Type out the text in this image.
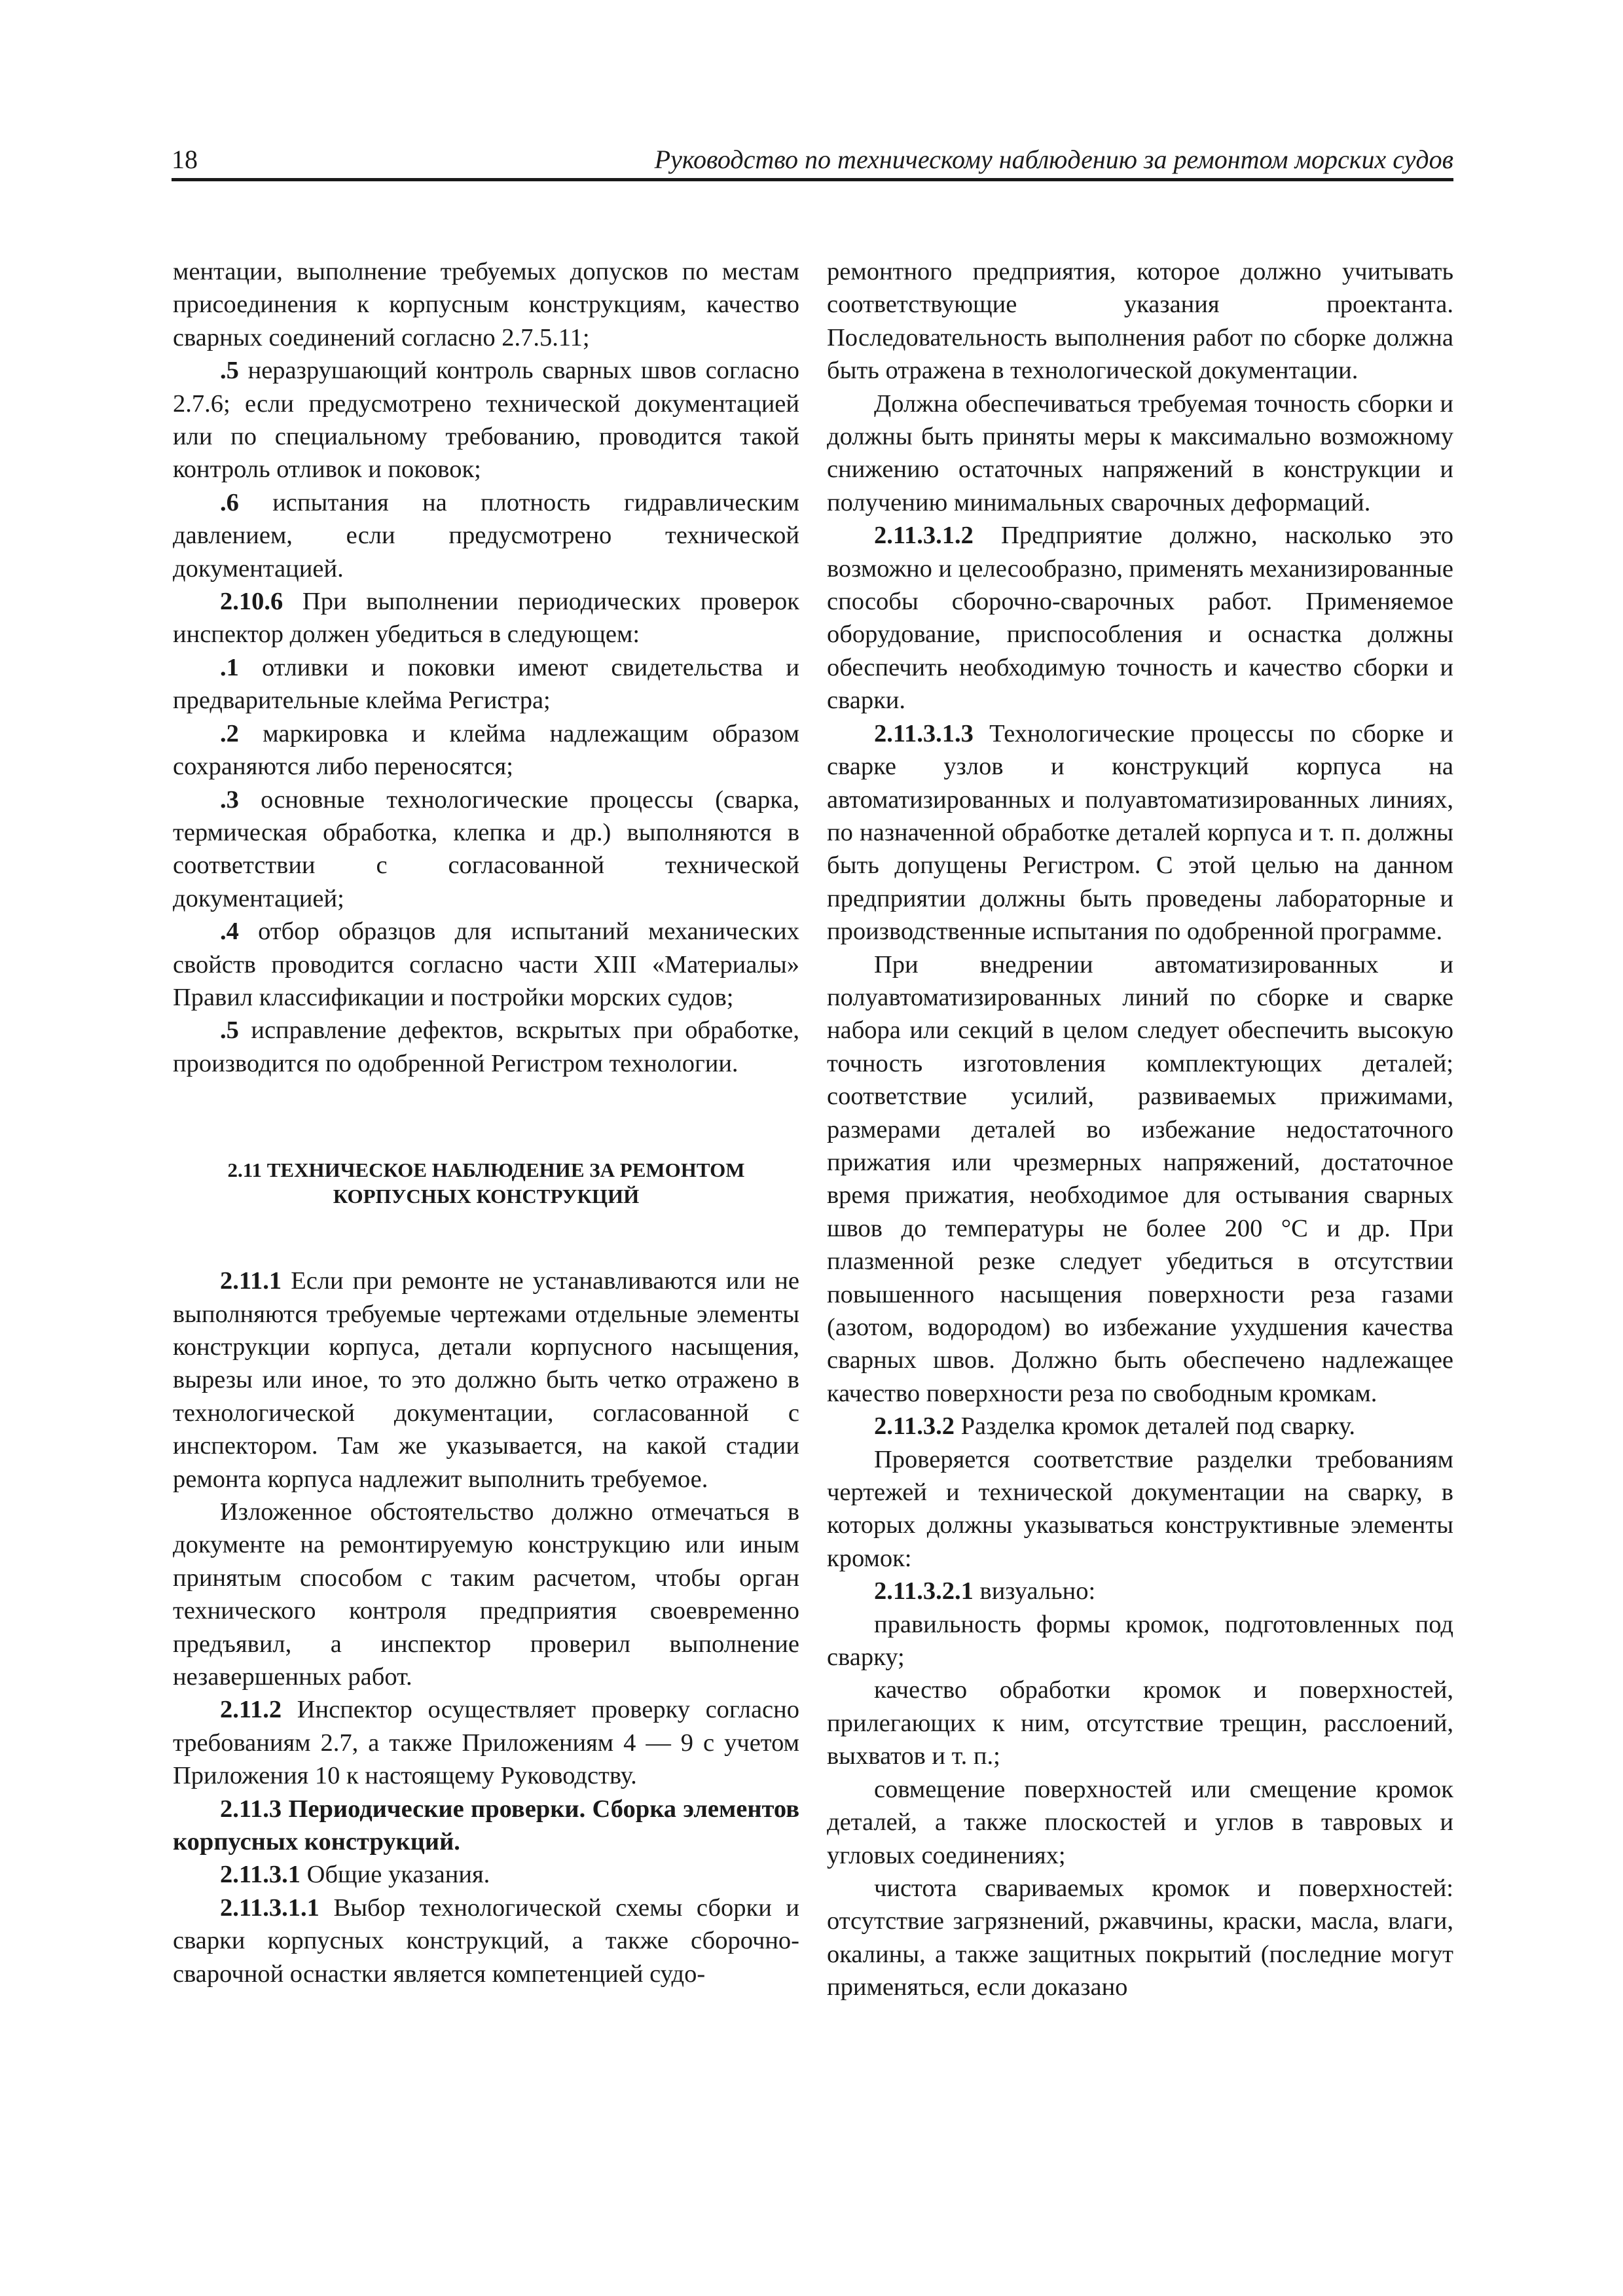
18	Руководство по техническому наблюдению за ремонтом морских судов

ментации, выполнение требуемых допусков по местам присоединения к корпусным конструкциям, качество сварных соединений согласно 2.7.5.11;

.5 неразрушающий контроль сварных швов согласно 2.7.6; если предусмотрено технической документацией или по специальному требованию, проводится такой контроль отливок и поковок;

.6 испытания на плотность гидравлическим давлением, если предусмотрено технической документацией.

2.10.6 При выполнении периодических проверок инспектор должен убедиться в следующем:

.1 отливки и поковки имеют свидетельства и предварительные клейма Регистра;

.2 маркировка и клейма надлежащим образом сохраняются либо переносятся;

.3 основные технологические процессы (сварка, термическая обработка, клепка и др.) выполняются в соответствии с согласованной технической документацией;

.4 отбор образцов для испытаний механических свойств проводится согласно части XIII «Материалы» Правил классификации и постройки морских судов;

.5 исправление дефектов, вскрытых при обработке, производится по одобренной Регистром технологии.

2.11 ТЕХНИЧЕСКОЕ НАБЛЮДЕНИЕ ЗА РЕМОНТОМ
КОРПУСНЫХ КОНСТРУКЦИЙ

2.11.1 Если при ремонте не устанавливаются или не выполняются требуемые чертежами отдельные элементы конструкции корпуса, детали корпусного насыщения, вырезы или иное, то это должно быть четко отражено в технологической документации, согласованной с инспектором. Там же указывается, на какой стадии ремонта корпуса надлежит выполнить требуемое.

Изложенное обстоятельство должно отмечаться в документе на ремонтируемую конструкцию или иным принятым способом с таким расчетом, чтобы орган технического контроля предприятия своевременно предъявил, а инспектор проверил выполнение незавершенных работ.

2.11.2 Инспектор осуществляет проверку согласно требованиям 2.7, а также Приложениям 4 — 9 с учетом Приложения 10 к настоящему Руководству.

2.11.3 Периодические проверки. Сборка элементов корпусных конструкций.

2.11.3.1 Общие указания.

2.11.3.1.1 Выбор технологической схемы сборки и сварки корпусных конструкций, а также сборочно-сварочной оснастки является компетенцией судо-

ремонтного предприятия, которое должно учитывать соответствующие указания проектанта. Последовательность выполнения работ по сборке должна быть отражена в технологической документации.

Должна обеспечиваться требуемая точность сборки и должны быть приняты меры к максимально возможному снижению остаточных напряжений в конструкции и получению минимальных сварочных деформаций.

2.11.3.1.2 Предприятие должно, насколько это возможно и целесообразно, применять механизированные способы сборочно-сварочных работ. Применяемое оборудование, приспособления и оснастка должны обеспечить необходимую точность и качество сборки и сварки.

2.11.3.1.3 Технологические процессы по сборке и сварке узлов и конструкций корпуса на автоматизированных и полуавтоматизированных линиях, по назначенной обработке деталей корпуса и т. п. должны быть допущены Регистром. С этой целью на данном предприятии должны быть проведены лабораторные и производственные испытания по одобренной программе.

При внедрении автоматизированных и полуавтоматизированных линий по сборке и сварке набора или секций в целом следует обеспечить высокую точность изготовления комплектующих деталей; соответствие усилий, развиваемых прижимами, размерами деталей во избежание недостаточного прижатия или чрезмерных напряжений, достаточное время прижатия, необходимое для остывания сварных швов до температуры не более 200 °С и др. При плазменной резке следует убедиться в отсутствии повышенного насыщения поверхности реза газами (азотом, водородом) во избежание ухудшения качества сварных швов. Должно быть обеспечено надлежащее качество поверхности реза по свободным кромкам.

2.11.3.2 Разделка кромок деталей под сварку.

Проверяется соответствие разделки требованиям чертежей и технической документации на сварку, в которых должны указываться конструктивные элементы кромок:

2.11.3.2.1 визуально:

правильность формы кромок, подготовленных под сварку;

качество обработки кромок и поверхностей, прилегающих к ним, отсутствие трещин, расслоений, выхватов и т. п.;

совмещение поверхностей или смещение кромок деталей, а также плоскостей и углов в тавровых и угловых соединениях;

чистота свариваемых кромок и поверхностей: отсутствие загрязнений, ржавчины, краски, масла, влаги, окалины, а также защитных покрытий (последние могут применяться, если доказано
